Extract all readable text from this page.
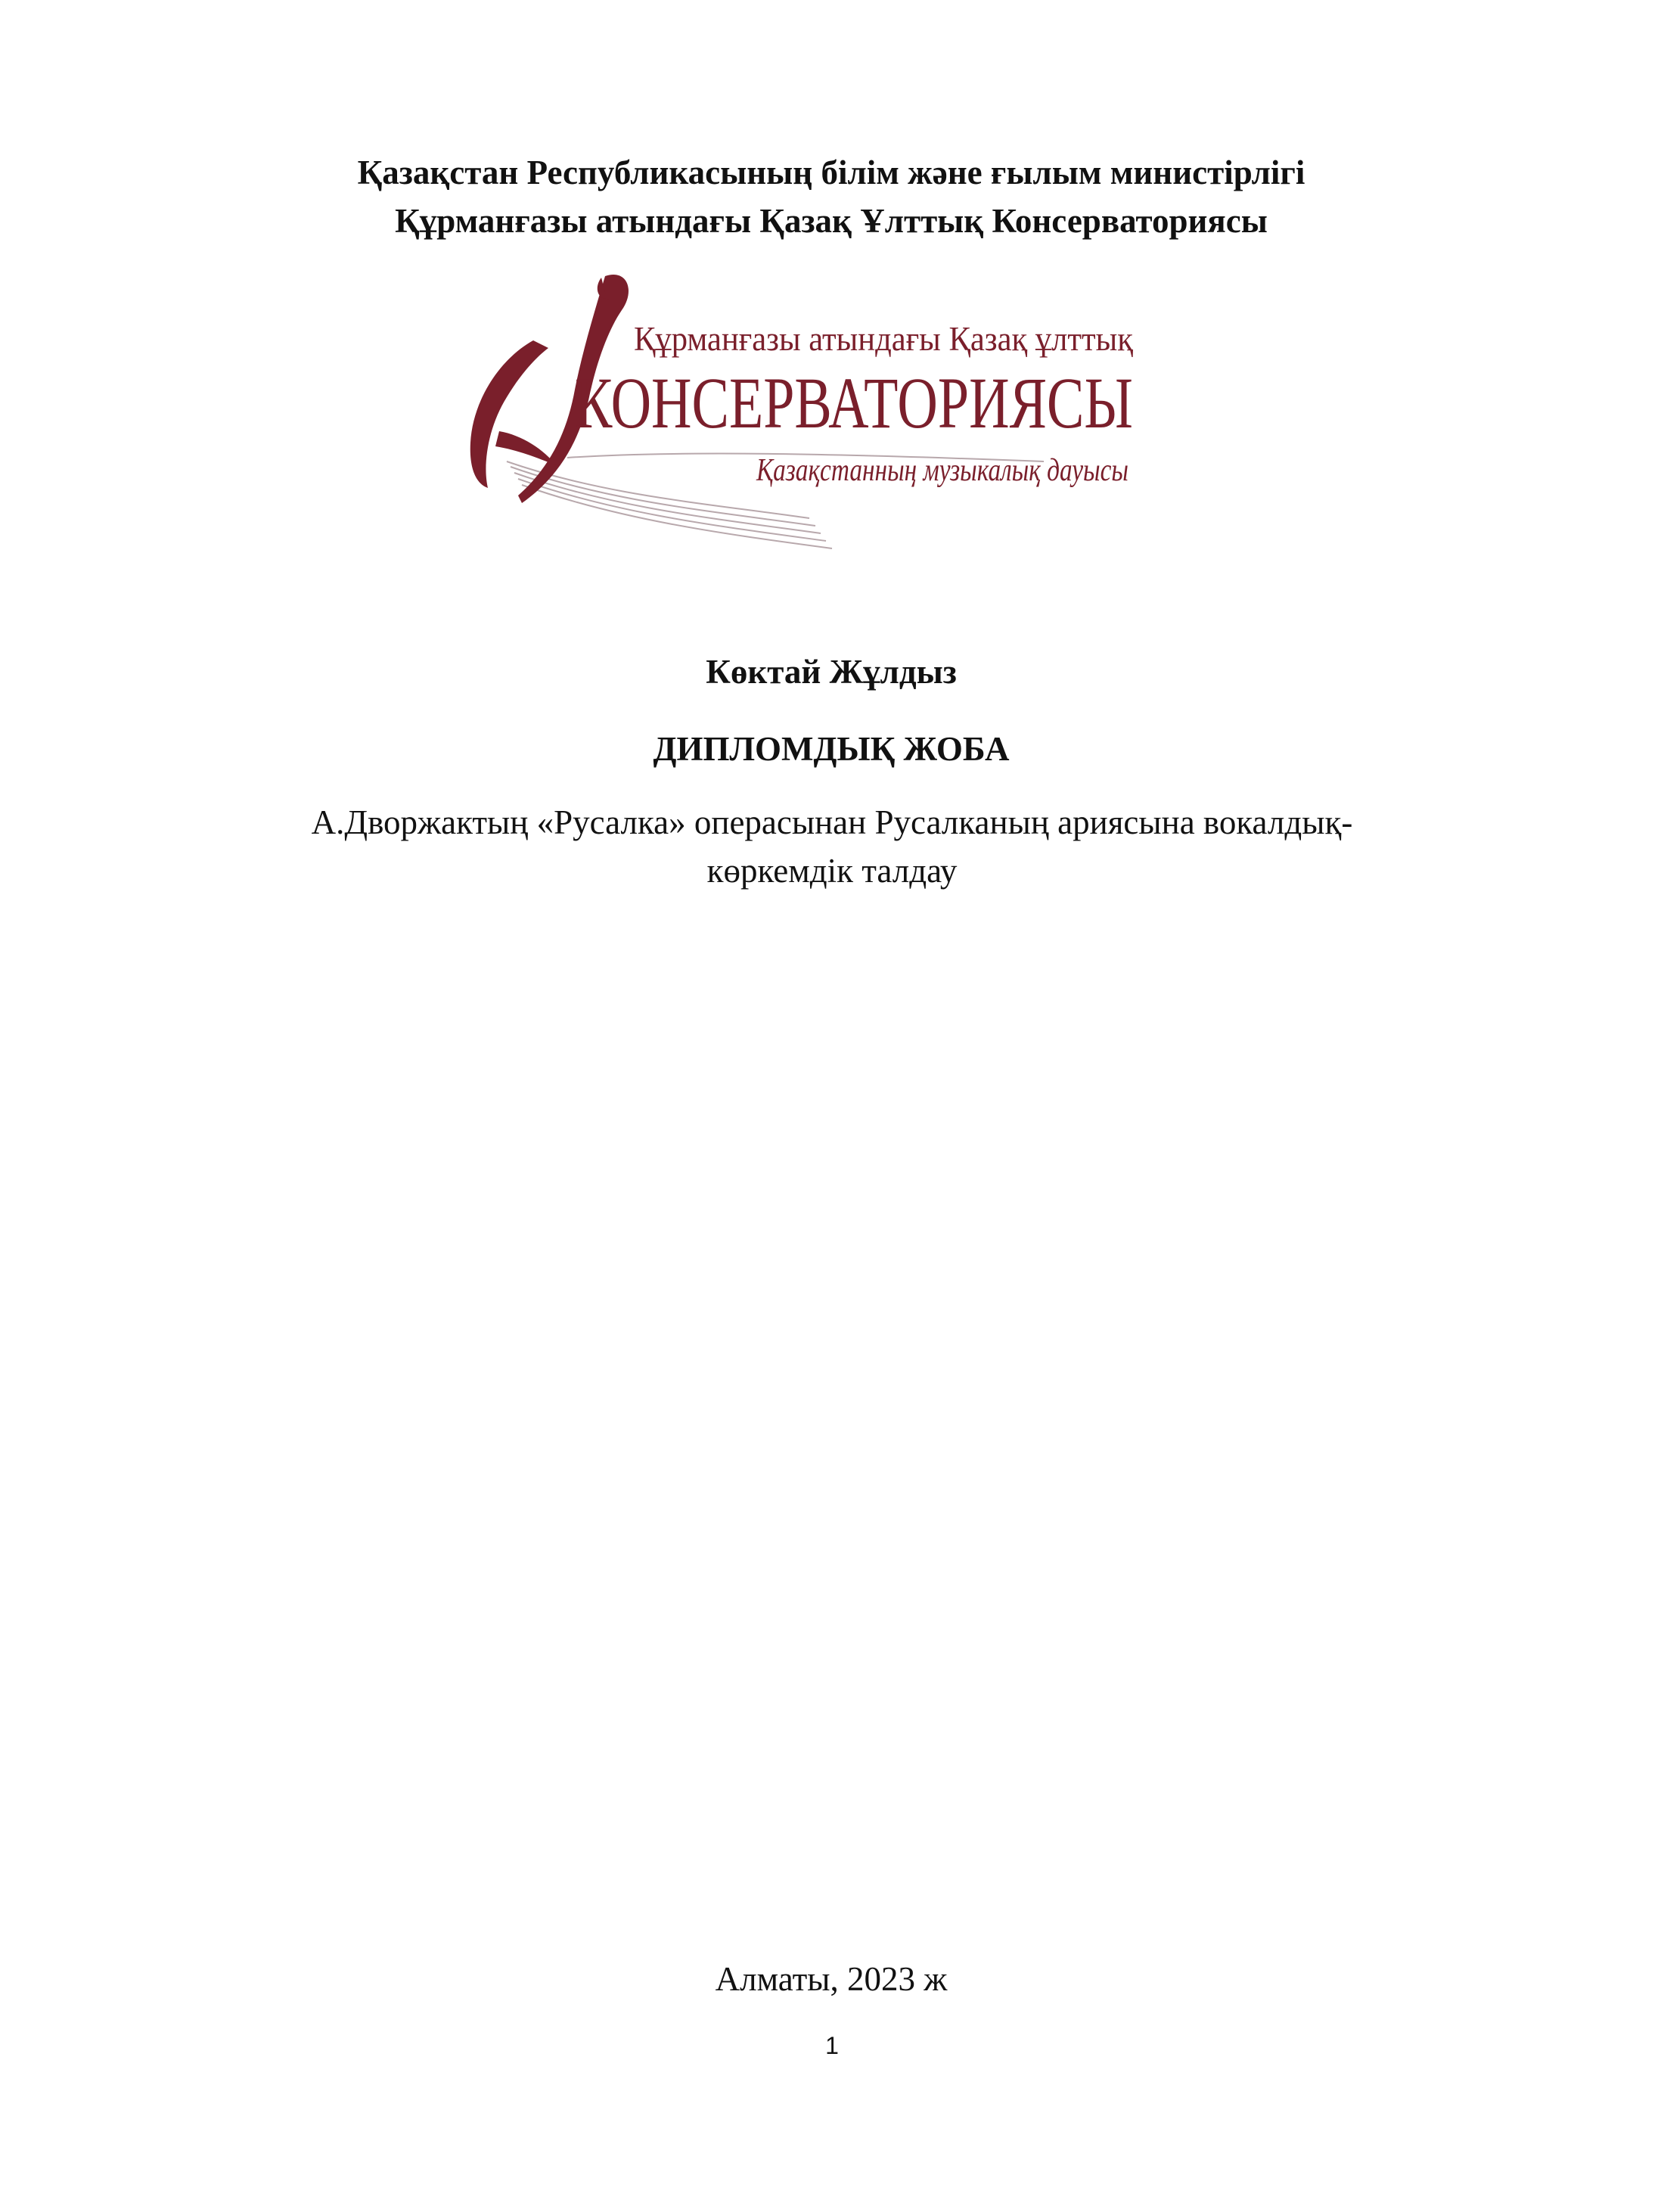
Қазақстан Республикасының білім және ғылым министірлігі
Құрманғазы атындағы Қазақ Ұлттық Консерваториясы
Құрманғазы атындағы Қазақ ұлттық
КОНСЕРВАТОРИЯСЫ
Қазақстанның музыкалық дауысы
Көктай Жұлдыз
ДИПЛОМДЫҚ ЖОБА
А.Дворжактың «Русалка» операсынан Русалканың ариясына вокалдық-
көркемдік талдау
Алматы, 2023 ж
1
